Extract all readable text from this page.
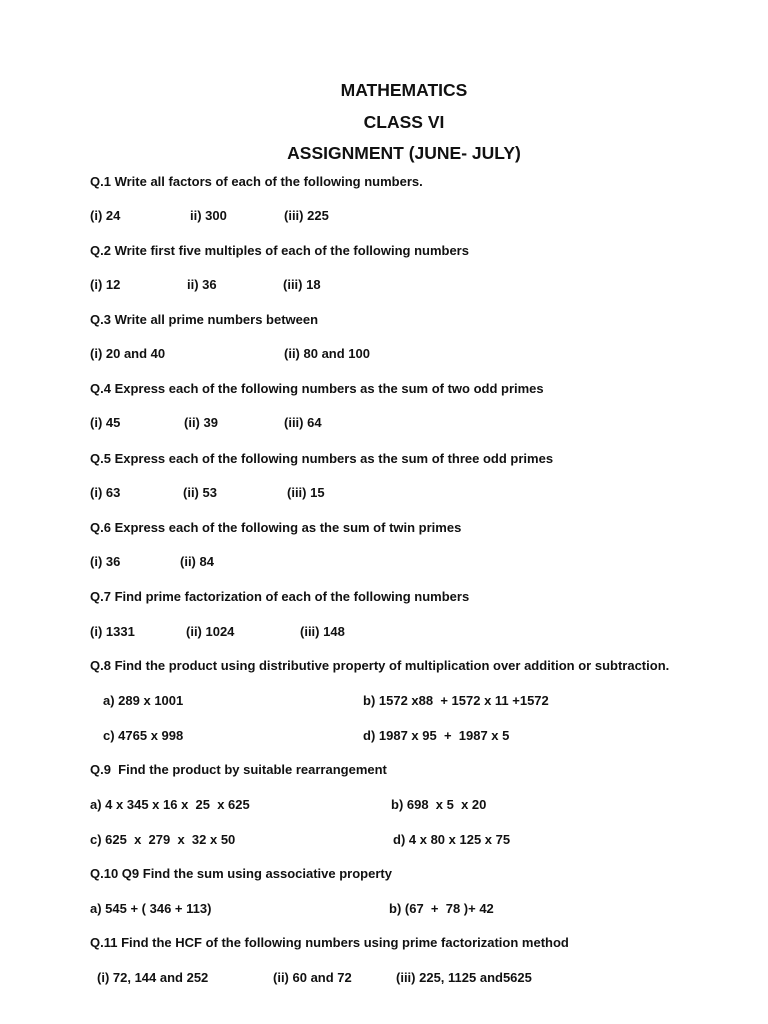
MATHEMATICS
CLASS VI
ASSIGNMENT (JUNE- JULY)
Q.1 Write all factors of each of the following numbers.
(i) 24	ii) 300	(iii) 225
Q.2 Write first five multiples of each of the following numbers
(i) 12	ii) 36	(iii) 18
Q.3 Write all prime numbers between
(i) 20 and 40	(ii) 80 and 100
Q.4 Express each of the following numbers as the sum of two odd primes
(i) 45	(ii) 39	(iii) 64
Q.5 Express each of the following numbers as the sum of three odd primes
(i) 63	(ii) 53	(iii) 15
Q.6 Express each of the following as the sum of twin primes
(i) 36	(ii) 84
Q.7 Find prime factorization of each of the following numbers
(i) 1331	(ii) 1024	(iii) 148
Q.8 Find the product using distributive property of multiplication over addition or subtraction.
a) 289 x 1001	b) 1572 x88  + 1572 x 11 +1572
c) 4765 x 998	d) 1987 x 95  +  1987 x 5
Q.9  Find the product by suitable rearrangement
a) 4 x 345 x 16 x  25  x 625	b) 698  x 5  x 20
c) 625  x  279  x  32 x 50	d) 4 x 80 x 125 x 75
Q.10 Q9 Find the sum using associative property
a) 545 + ( 346 + 113)	b) (67  +  78 )+ 42
Q.11 Find the HCF of the following numbers using prime factorization method
(i) 72, 144 and 252	(ii) 60 and 72	(iii) 225, 1125 and5625
